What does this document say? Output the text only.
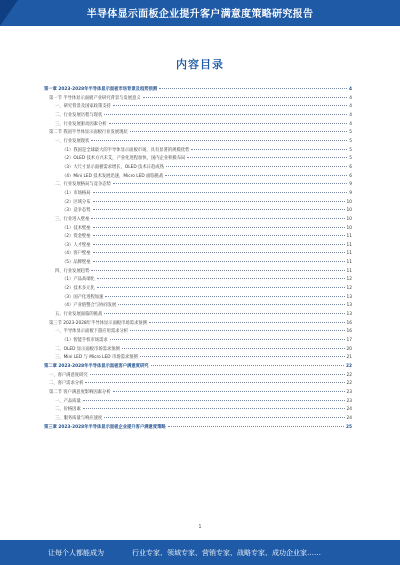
半导体显示面板企业提升客户满意度策略研究报告
内容目录
第一章 2023-2028年半导体显示面板市场背景及趋势预测	4
第一节 半导体显示面板产业研究背景与发展意义	4
一、研究背景及国家政策支持	4
二、行业发展历程与现状	4
三、行业发展驱动因素分析	4
第二节 我国半导体显示面板行业发展现状	5
一、行业发展现状	5
（1）我国是全球最大的半导体显示面板市场，具有显著的规模优势	5
（2）OLED 技术方兴未艾，产业化进程加快，国内企业积极布局	5
（3）大尺寸显示面板需求增长，OLED 技术日趋成熟	6
（4）Mini LED 技术发展迅速，Micro LED 面临挑战	6
二、行业发展格局与竞争态势	9
（1）市场格局	9
（2）区域分布	10
（3）竞争态势	10
三、行业进入壁垒	10
（1）技术壁垒	10
（2）资金壁垒	11
（3）人才壁垒	11
（4）客户壁垒	11
（5）品牌壁垒	11
四、行业发展趋势	11
（1）产品高端化	12
（2）技术多元化	12
（3）国产化进程加速	13
（4）产业链整合与协同发展	13
五、行业发展面临的挑战	13
第三节 2023-2028年半导体显示面板市场需求预测	16
一、半导体显示面板下游应用需求分析	16
（1）智能手机市场需求	17
二、OLED 显示面板市场需求预测	20
三、Mini LED 与 Micro LED 市场需求预测	21
第二章 2023-2028年半导体显示面板客户满意度研究	22
一、客户满意度研究	22
二、客户需求分析	22
第二节 客户满意度影响因素分析	23
一、产品质量	23
二、价格因素	24
三、服务质量与响应速度	24
第三章 2023-2028年半导体显示面板企业提升客户满意度策略	25
1
让每个人都能成为	行业专家、领域专家、营销专家、战略专家、成功企业家……
